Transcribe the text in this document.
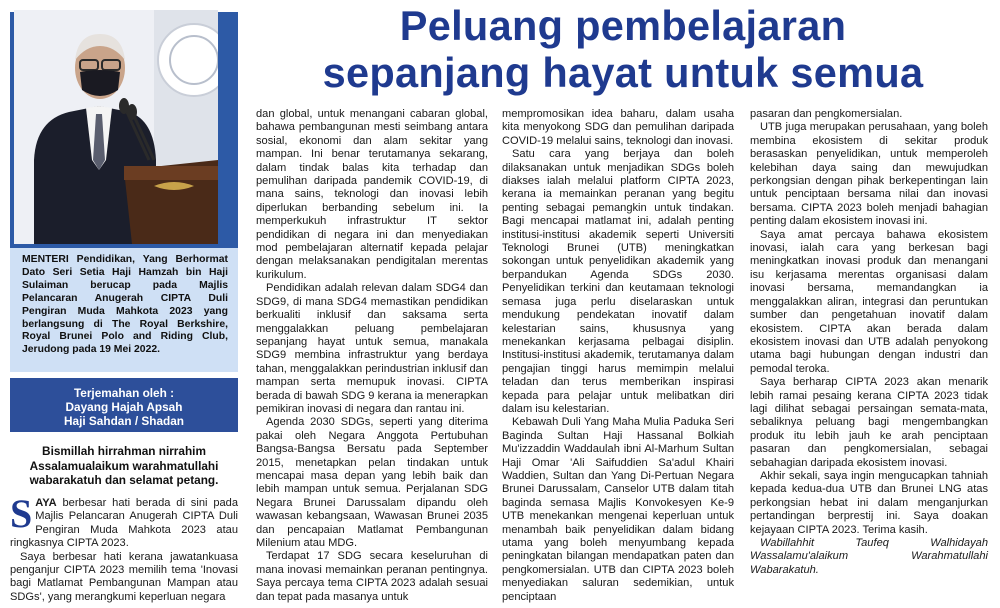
Peluang pembelajaran
sepanjang hayat untuk semua
MENTERI Pendidikan, Yang Berhormat Dato Seri Setia Haji Hamzah bin Haji Sulaiman berucap pada Majlis Pelancaran Anugerah CIPTA Duli Pengiran Muda Mahkota 2023 yang berlangsung di The Royal Berkshire, Royal Brunei Polo and Riding Club, Jerudong pada 19 Mei 2022.
Terjemahan oleh :
Dayang Hajah Apsah
Haji Sahdan / Shadan
Bismillah hirrahman nirrahim
Assalamualaikum warahmatullahi
wabarakatuh dan selamat petang.

SAYA berbesar hati berada di sini pada Majlis Pelancaran Anugerah CIPTA Duli Pengiran Muda Mahkota 2023 atau ringkasnya CIPTA 2023.

Saya berbesar hati kerana jawatankuasa penganjur CIPTA 2023 memilih tema 'Inovasi bagi Matlamat Pembangunan Mampan atau SDGs', yang merangkumi keperluan negara

dan global, untuk menangani cabaran global, bahawa pembangunan mesti seimbang antara sosial, ekonomi dan alam sekitar yang mampan. Ini benar terutamanya sekarang, dalam tindak balas kita terhadap dan pemulihan daripada pandemik COVID-19, di mana sains, teknologi dan inovasi lebih diperlukan berbanding sebelum ini. Ia memperkukuh infrastruktur IT sektor pendidikan di negara ini dan menyediakan mod pembelajaran alternatif kepada pelajar dengan melaksanakan pendigitalan merentas kurikulum.

Pendidikan adalah relevan dalam SDG4 dan SDG9, di mana SDG4 memastikan pendidikan berkualiti inklusif dan saksama serta menggalakkan peluang pembelajaran sepanjang hayat untuk semua, manakala SDG9 membina infrastruktur yang berdaya tahan, menggalakkan perindustrian inklusif dan mampan serta memupuk inovasi. CIPTA berada di bawah SDG 9 kerana ia menerapkan pemikiran inovasi di negara dan rantau ini.

Agenda 2030 SDGs, seperti yang diterima pakai oleh Negara Anggota Pertubuhan Bangsa-Bangsa Bersatu pada September 2015, menetapkan pelan tindakan untuk mencapai masa depan yang lebih baik dan lebih mampan untuk semua. Perjalanan SDG Negara Brunei Darussalam dipandu oleh wawasan kebangsaan, Wawasan Brunei 2035 dan pencapaian Matlamat Pembangunan Milenium atau MDG.

Terdapat 17 SDG secara keseluruhan di mana inovasi memainkan peranan pentingnya. Saya percaya tema CIPTA 2023 adalah sesuai dan tepat pada masanya untuk

mempromosikan idea baharu, dalam usaha kita menyokong SDG dan pemulihan daripada COVID-19 melalui sains, teknologi dan inovasi.

Satu cara yang berjaya dan boleh dilaksanakan untuk menjadikan SDGs boleh diakses ialah melalui platform CIPTA 2023, kerana ia memainkan peranan yang begitu penting sebagai pemangkin untuk tindakan. Bagi mencapai matlamat ini, adalah penting institusi-institusi akademik seperti Universiti Teknologi Brunei (UTB) meningkatkan sokongan untuk penyelidikan akademik yang berpandukan Agenda SDGs 2030. Penyelidikan terkini dan keutamaan teknologi semasa juga perlu diselaraskan untuk mendukung pendekatan inovatif dalam kelestarian sains, khususnya yang menekankan kerjasama pelbagai disiplin. Institusi-institusi akademik, terutamanya dalam pengajian tinggi harus memimpin melalui teladan dan terus memberikan inspirasi kepada para pelajar untuk melibatkan diri dalam isu kelestarian.

Kebawah Duli Yang Maha Mulia Paduka Seri Baginda Sultan Haji Hassanal Bolkiah Mu'izzaddin Waddaulah ibni Al-Marhum Sultan Haji Omar 'Ali Saifuddien Sa'adul Khairi Waddien, Sultan dan Yang Di-Pertuan Negara Brunei Darussalam, Canselor UTB dalam titah baginda semasa Majlis Konvokesyen Ke-9 UTB menekankan mengenai keperluan untuk menambah baik penyelidikan dalam bidang utama yang boleh menyumbang kepada peningkatan bilangan mendapatkan paten dan pengkomersialan. UTB dan CIPTA 2023 boleh menyediakan saluran sedemikian, untuk penciptaan

pasaran dan pengkomersialan.

UTB juga merupakan perusahaan, yang boleh membina ekosistem di sekitar produk berasaskan penyelidikan, untuk memperoleh kelebihan daya saing dan mewujudkan perkongsian dengan pihak berkepentingan lain untuk penciptaan bersama nilai dan inovasi bersama. CIPTA 2023 boleh menjadi bahagian penting dalam ekosistem inovasi ini.

Saya amat percaya bahawa ekosistem inovasi, ialah cara yang berkesan bagi meningkatkan inovasi produk dan menangani isu kerjasama merentas organisasi dalam inovasi bersama, memandangkan ia menggalakkan aliran, integrasi dan peruntukan sumber dan pengetahuan inovatif dalam ekosistem. CIPTA akan berada dalam ekosistem inovasi dan UTB adalah penyokong utama bagi hubungan dengan industri dan pemodal teroka.

Saya berharap CIPTA 2023 akan menarik lebih ramai pesaing kerana CIPTA 2023 tidak lagi dilihat sebagai persaingan semata-mata, sebaliknya peluang bagi mengembangkan produk itu lebih jauh ke arah penciptaan pasaran dan pengkomersialan, sebagai sebahagian daripada ekosistem inovasi.

Akhir sekali, saya ingin mengucapkan tahniah kepada kedua-dua UTB dan Brunei LNG atas perkongsian hebat ini dalam menganjurkan pertandingan berprestij ini. Saya doakan kejayaan CIPTA 2023. Terima kasih.

Wabillahhit Taufeq Walhidayah Wassalamu'alaikum Warahmatullahi Wabarakatuh.
